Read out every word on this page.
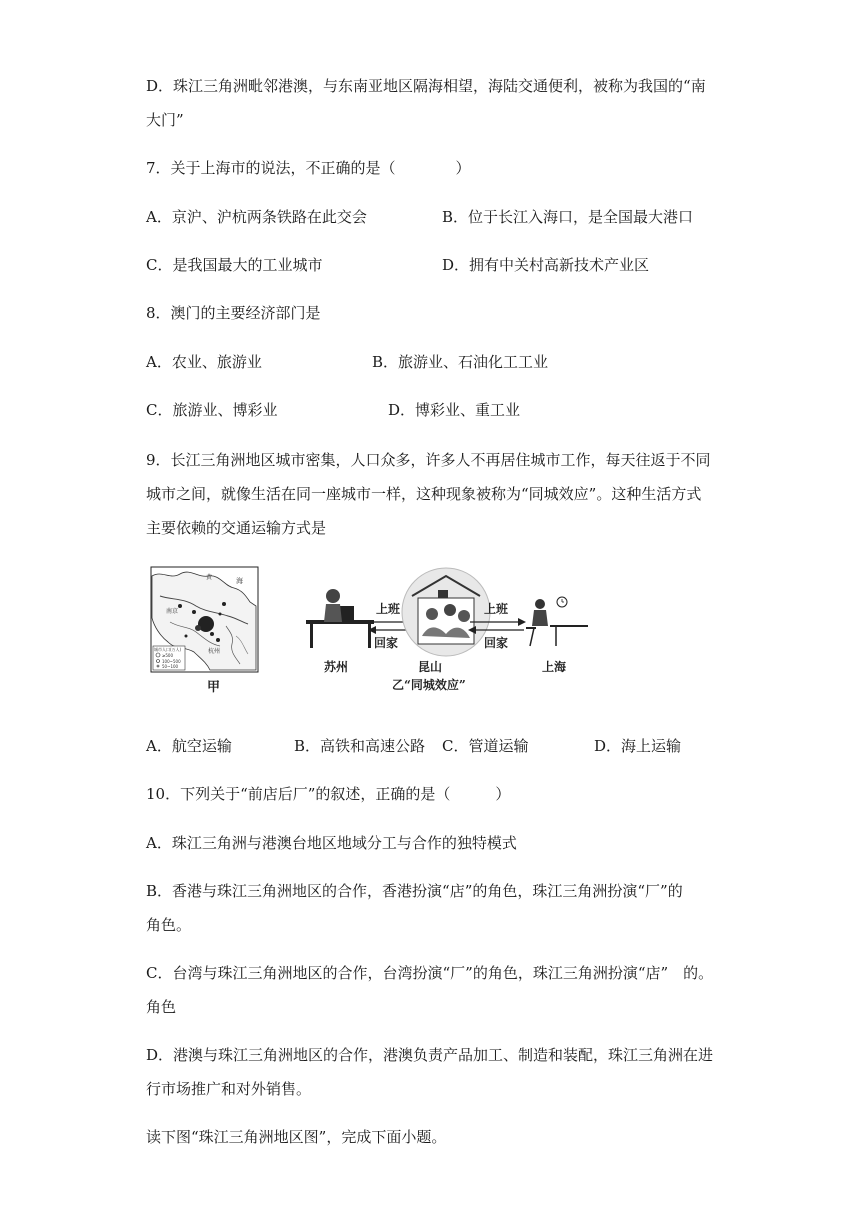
D．珠江三角洲毗邻港澳，与东南亚地区隔海相望，海陆交通便利，被称为我国的“南
大门”
7．关于上海市的说法，不正确的是（　　　　）
A．京沪、沪杭两条铁路在此交会	B．位于长江入海口，是全国最大港口
C．是我国最大的工业城市	D．拥有中关村高新技术产业区
8．澳门的主要经济部门是
A．农业、旅游业	B．旅游业、石油化工工业
C．旅游业、博彩业	D．博彩业、重工业
9．长江三角洲地区城市密集，人口众多，许多人不再居住城市工作，每天往返于不同
城市之间，就像生活在同一座城市一样，这种现象被称为“同城效应”。这种生活方式
主要依赖的交通运输方式是
黄	海
南京
杭州
城市人口(万人)
≥500
100~500
50~100
甲
上班
回家
上班
回家
苏州	昆山	上海
乙“同城效应”
A．航空运输	B．高铁和高速公路 C．管道运输	D．海上运输
10．下列关于“前店后厂”的叙述，正确的是（　　　）
A．珠江三角洲与港澳台地区地域分工与合作的独特模式
B．香港与珠江三角洲地区的合作，香港扮演“店”的角色，珠江三角洲扮演“厂”的
角色。
C．台湾与珠江三角洲地区的合作，台湾扮演“厂”的角色，珠江三角洲扮演“店”　的。
角色
D．港澳与珠江三角洲地区的合作，港澳负责产品加工、制造和装配，珠江三角洲在进
行市场推广和对外销售。
读下图“珠江三角洲地区图”，完成下面小题。
